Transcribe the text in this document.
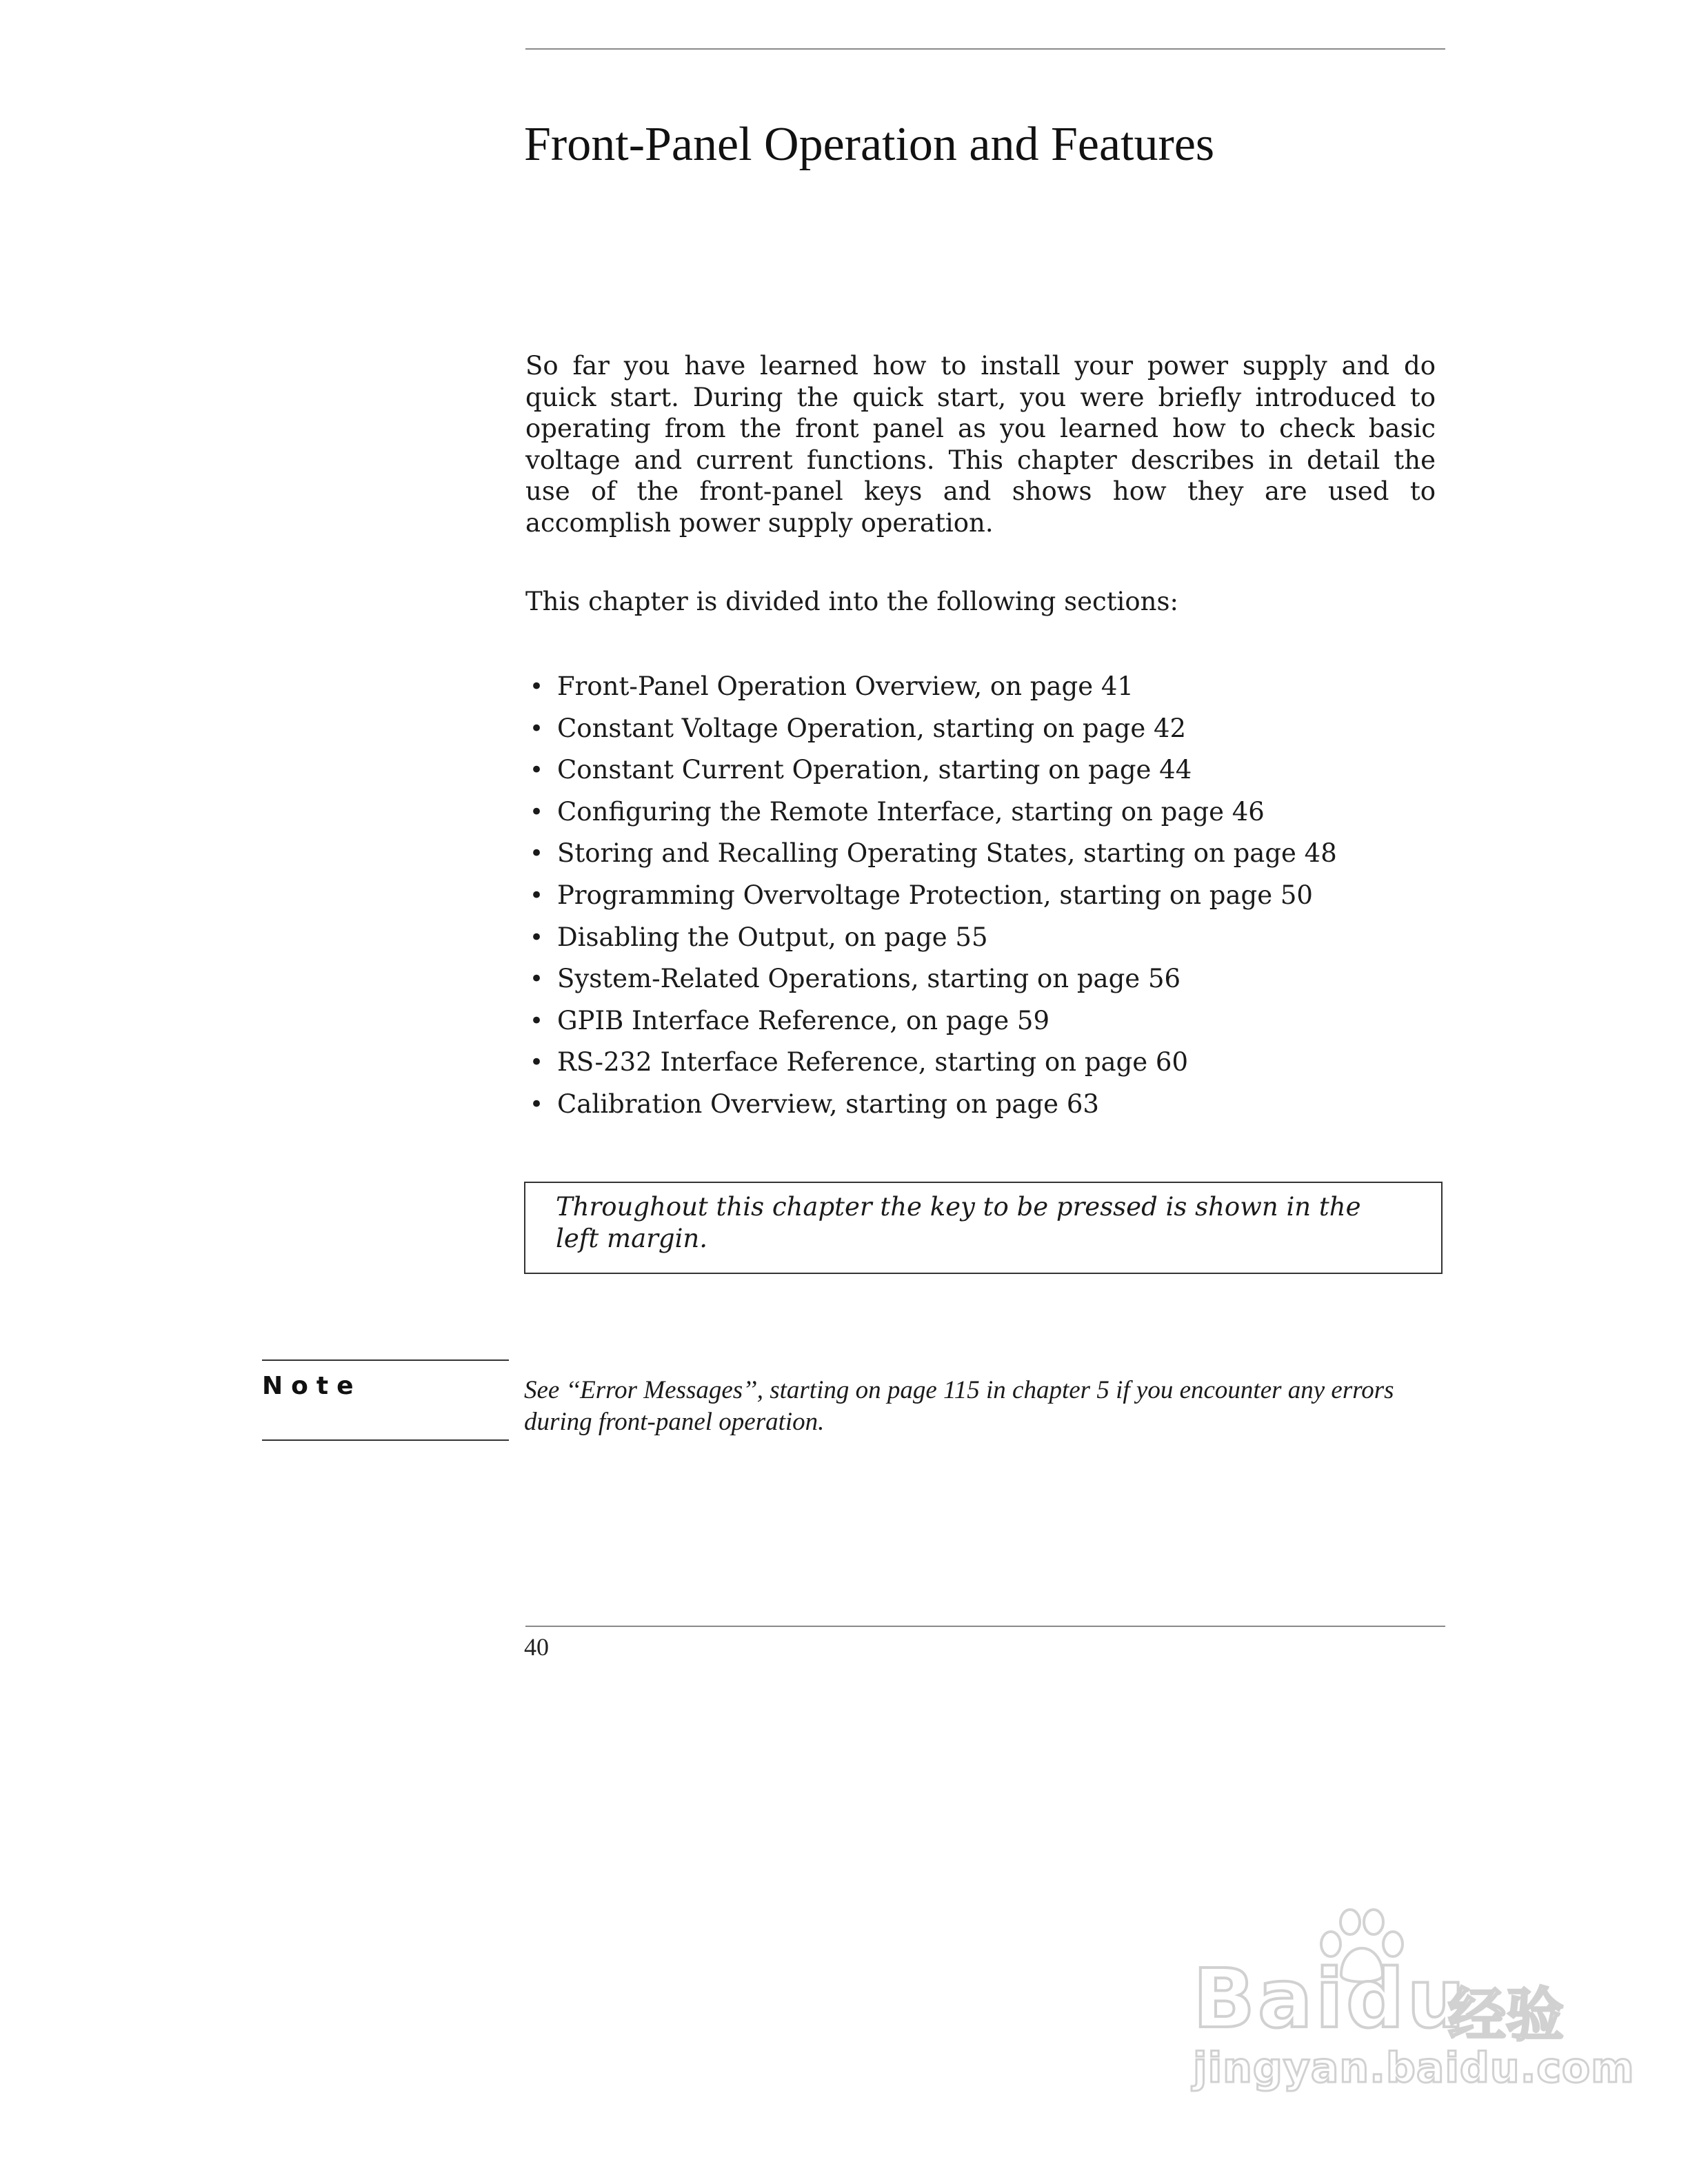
Front-Panel Operation and Features

So far you have learned how to install your power supply and do quick start. During the quick start, you were briefly introduced to operating from the front panel as you learned how to check basic voltage and current functions. This chapter describes in detail the use of the front-panel keys and shows how they are used to accomplish power supply operation.

This chapter is divided into the following sections:

• Front-Panel Operation Overview, on page 41
• Constant Voltage Operation, starting on page 42
• Constant Current Operation, starting on page 44
• Configuring the Remote Interface, starting on page 46
• Storing and Recalling Operating States, starting on page 48
• Programming Overvoltage Protection, starting on page 50
• Disabling the Output, on page 55
• System-Related Operations, starting on page 56
• GPIB Interface Reference, on page 59
• RS-232 Interface Reference, starting on page 60
• Calibration Overview, starting on page 63

Throughout this chapter the key to be pressed is shown in the left margin.

Note	See ‘‘Error Messages’’, starting on page 115 in chapter 5 if you encounter any errors during front-panel operation.

40
Baidu
经验
jingyan.baidu.com
